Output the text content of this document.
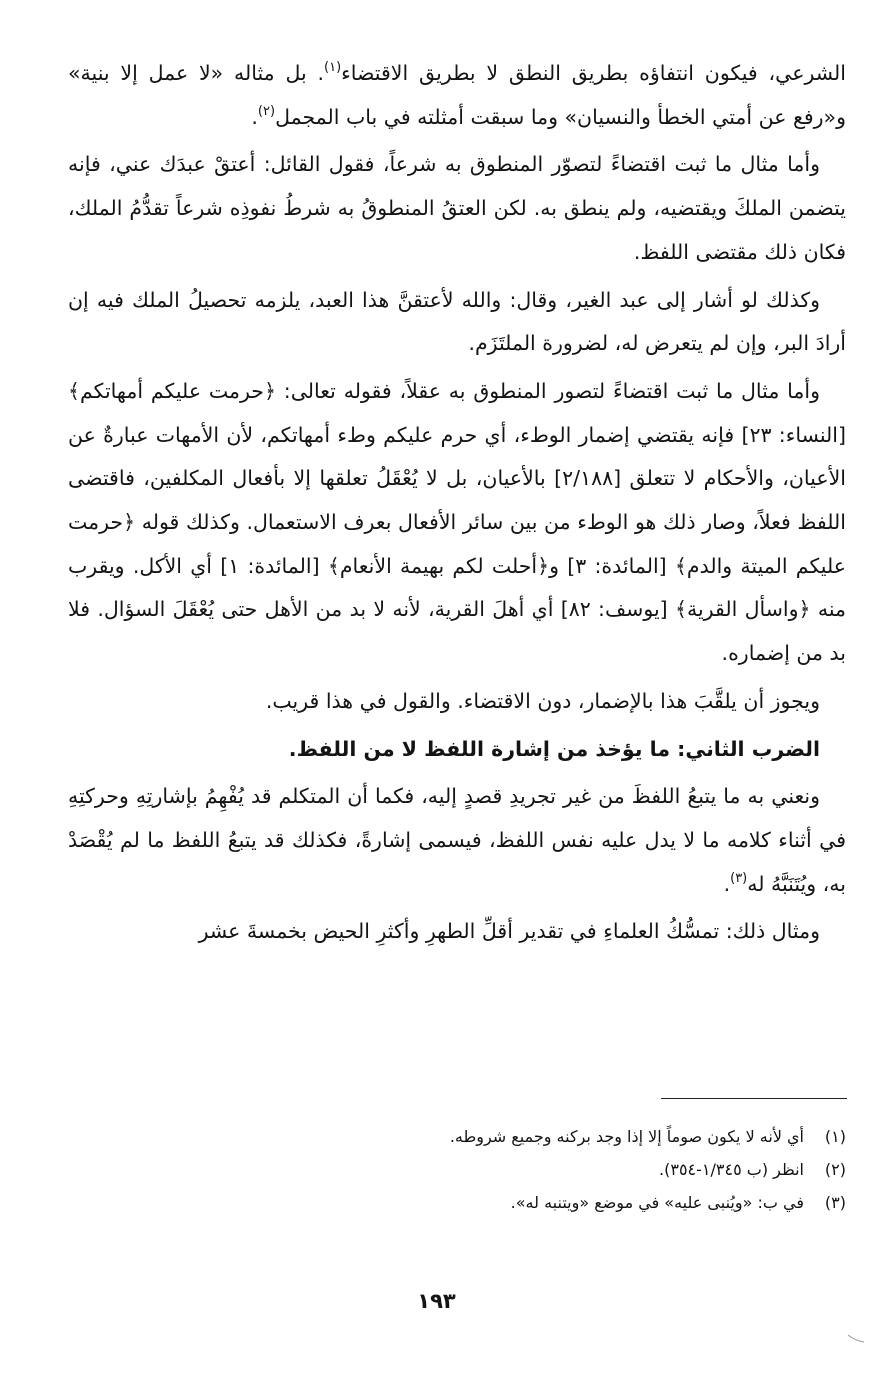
الشرعي، فيكون انتفاؤه بطريق النطق لا بطريق الاقتضاء$^{(١)}$. بل مثاله «لا عمل إلا بنية» و«رفع عن أمتي الخطأ والنسيان» وما سبقت أمثلته في باب المجمل$^{(٢)}$.

وأما مثال ما ثبت اقتضاءً لتصوّر المنطوق به شرعاً، فقول القائل: أعتقْ عبدَك عني، فإنه يتضمن الملكَ ويقتضيه، ولم ينطق به. لكن العتقُ المنطوقُ به شرطُ نفوذِه شرعاً تقدُّمُ الملك، فكان ذلك مقتضى اللفظ.

وكذلك لو أشار إلى عبد الغير، وقال: والله لأعتقنَّ هذا العبد، يلزمه تحصيلُ الملك فيه إن أرادَ البر، وإن لم يتعرض له، لضرورة الملتَزَم.

وأما مثال ما ثبت اقتضاءً لتصور المنطوق به عقلاً، فقوله تعالى: ﴿حرمت عليكم أمهاتكم﴾ [النساء: ٢٣] فإنه يقتضي إضمار الوطء، أي حرم عليكم وطء أمهاتكم، لأن الأمهات عبارةٌ عن الأعيان، والأحكام لا تتعلق [٢/١٨٨] بالأعيان، بل لا يُعْقَلُ تعلقها إلا بأفعال المكلفين، فاقتضى اللفظ فعلاً، وصار ذلك هو الوطء من بين سائر الأفعال بعرف الاستعمال. وكذلك قوله ﴿حرمت عليكم الميتة والدم﴾ [المائدة: ٣] و﴿أحلت لكم بهيمة الأنعام﴾ [المائدة: ١] أي الأكل. ويقرب منه ﴿واسأل القرية﴾ [يوسف: ٨٢] أي أهلَ القرية، لأنه لا بد من الأهل حتى يُعْقَلَ السؤال. فلا بد من إضماره.

ويجوز أن يلقَّبَ هذا بالإضمار، دون الاقتضاء. والقول في هذا قريب.

الضرب الثاني: ما يؤخذ من إشارة اللفظ لا من اللفظ.

ونعني به ما يتبعُ اللفظَ من غير تجريدِ قصدٍ إليه، فكما أن المتكلم قد يُفْهِمُ بإشارتِهِ وحركتِهِ في أثناء كلامه ما لا يدل عليه نفس اللفظ، فيسمى إشارةً، فكذلك قد يتبعُ اللفظ ما لم يُقْصَدْ به، ويُتَنَبَّهُ له$^{(٣)}$.

ومثال ذلك: تمسُّكُ العلماءِ في تقدير أقلِّ الطهرِ وأكثرِ الحيض بخمسةَ عشر

(١)أي لأنه لا يكون صوماً إلا إذا وجد بركنه وجميع شروطه.
(٢)انظر (ب ١/٣٤٥-٣٥٤).
(٣)في ب: «ويُنبى عليه» في موضع «ويتنبه له».
١٩٣
